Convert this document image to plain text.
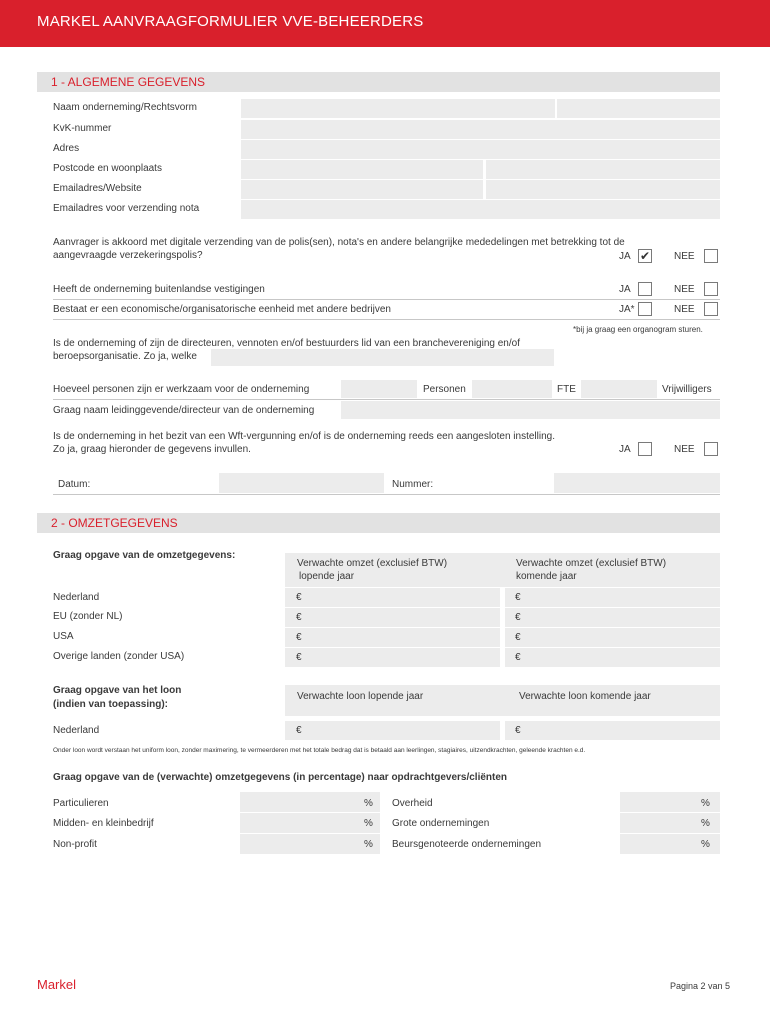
MARKEL AANVRAAGFORMULIER VVE-BEHEERDERS
1 - ALGEMENE GEGEVENS
Naam onderneming/Rechtsvorm
KvK-nummer
Adres
Postcode en woonplaats
Emailadres/Website
Emailadres voor verzending nota
Aanvrager is akkoord met digitale verzending van de polis(sen), nota's en andere belangrijke mededelingen met betrekking tot de
aangevraagde verzekeringspolis?	JA ✔ NEE
Heeft de onderneming buitenlandse vestigingen	JA	NEE
Bestaat er een economische/organisatorische eenheid met andere bedrijven	JA*	NEE
*bij ja graag een organogram sturen.
Is de onderneming of zijn de directeuren, vennoten en/of bestuurders lid van een branchevereniging en/of
beroepsorganisatie. Zo ja, welke
Hoeveel personen zijn er werkzaam voor de onderneming	Personen	FTE	Vrijwilligers
Graag naam leidinggevende/directeur van de onderneming
Is de onderneming in het bezit van een Wft-vergunning en/of is de onderneming reeds een aangesloten instelling.
Zo ja, graag hieronder de gegevens invullen.	JA	NEE
Datum:	Nummer:
2 - OMZETGEGEVENS
Graag opgave van de omzetgegevens:
Verwachte omzet (exclusief BTW)
lopende jaar
Verwachte omzet (exclusief BTW)
komende jaar
Nederland	€	€
EU (zonder NL)	€	€
USA	€	€
Overige landen (zonder USA)	€	€
Graag opgave van het loon
(indien van toepassing):
Verwachte loon lopende jaar	Verwachte loon komende jaar
Nederland	€	€
Onder loon wordt verstaan het uniform loon, zonder maximering, te vermeerderen met het totale bedrag dat is betaald aan leerlingen, stagiaires, uitzendkrachten, geleende krachten e.d.
Graag opgave van de (verwachte) omzetgegevens (in percentage) naar opdrachtgevers/cliënten
Particulieren	% Overheid	%
Midden- en kleinbedrijf	% Grote ondernemingen	%
Non-profit	% Beursgenoteerde ondernemingen	%
Markel	Pagina 2 van 5
